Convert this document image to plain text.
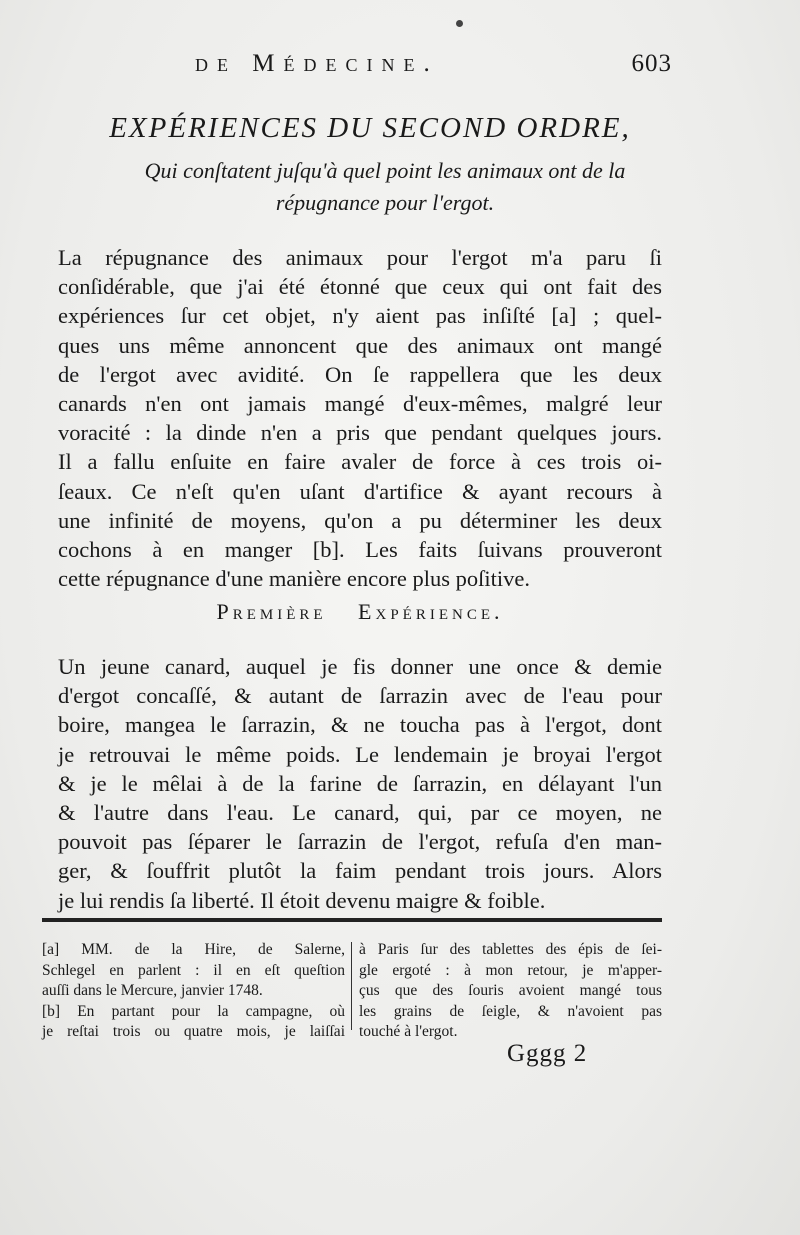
de Médecine.	603
EXPÉRIENCES DU SECOND ORDRE,
Qui conſtatent juſqu'à quel point les animaux ont de la
répugnance pour l'ergot.
La répugnance des animaux pour l'ergot m'a paru ſi
conſidérable, que j'ai été étonné que ceux qui ont fait des
expériences ſur cet objet, n'y aient pas inſiſté [a] ; quel-
ques uns même annoncent que des animaux ont mangé
de l'ergot avec avidité. On ſe rappellera que les deux
canards n'en ont jamais mangé d'eux-mêmes, malgré leur
voracité : la dinde n'en a pris que pendant quelques jours.
Il a fallu enſuite en faire avaler de force à ces trois oi-
ſeaux. Ce n'eſt qu'en uſant d'artifice & ayant recours à
une infinité de moyens, qu'on a pu déterminer les deux
cochons à en manger [b]. Les faits ſuivans prouveront
cette répugnance d'une manière encore plus poſitive.
Première Expérience.
Un jeune canard, auquel je fis donner une once & demie
d'ergot concaſſé, & autant de ſarrazin avec de l'eau pour
boire, mangea le ſarrazin, & ne toucha pas à l'ergot, dont
je retrouvai le même poids. Le lendemain je broyai l'ergot
& je le mêlai à de la farine de ſarrazin, en délayant l'un
& l'autre dans l'eau. Le canard, qui, par ce moyen, ne
pouvoit pas ſéparer le ſarrazin de l'ergot, refuſa d'en man-
ger, & ſouffrit plutôt la faim pendant trois jours. Alors
je lui rendis ſa liberté. Il étoit devenu maigre & foible.
[a] MM. de la Hire, de Salerne,
Schlegel en parlent : il en eſt queſtion
auſſi dans le Mercure, janvier 1748.
[b] En partant pour la campagne, où
je reſtai trois ou quatre mois, je laiſſai
à Paris ſur des tablettes des épis de ſei-
gle ergoté : à mon retour, je m'apper-
çus que des ſouris avoient mangé tous
les grains de ſeigle, & n'avoient pas
touché à l'ergot.
Gggg 2
